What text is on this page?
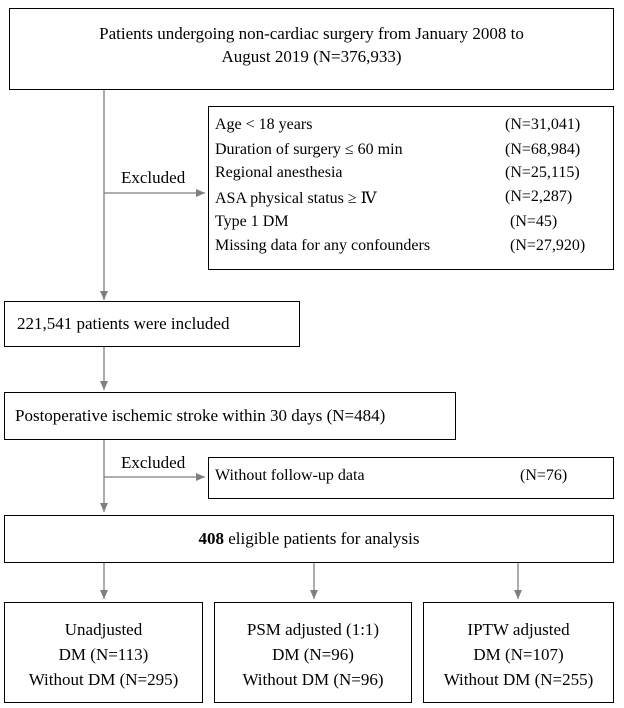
Patients undergoing non-cardiac surgery from January 2008 to
August 2019 (N=376,933)
Excluded
Age < 18 years	(N=31,041)
Duration of surgery ≤ 60 min	(N=68,984)
Regional anesthesia	(N=25,115)
ASA physical status ≥ Ⅳ	(N=2,287)
Type 1 DM	(N=45)
Missing data for any confounders	(N=27,920)
221,541 patients were included
Postoperative ischemic stroke within 30 days (N=484)
Excluded
Without follow-up data	(N=76)
408 eligible patients for analysis
Unadjusted
DM (N=113)
Without DM (N=295)
PSM adjusted (1:1)
DM (N=96)
Without DM (N=96)
IPTW adjusted
DM (N=107)
Without DM (N=255)
